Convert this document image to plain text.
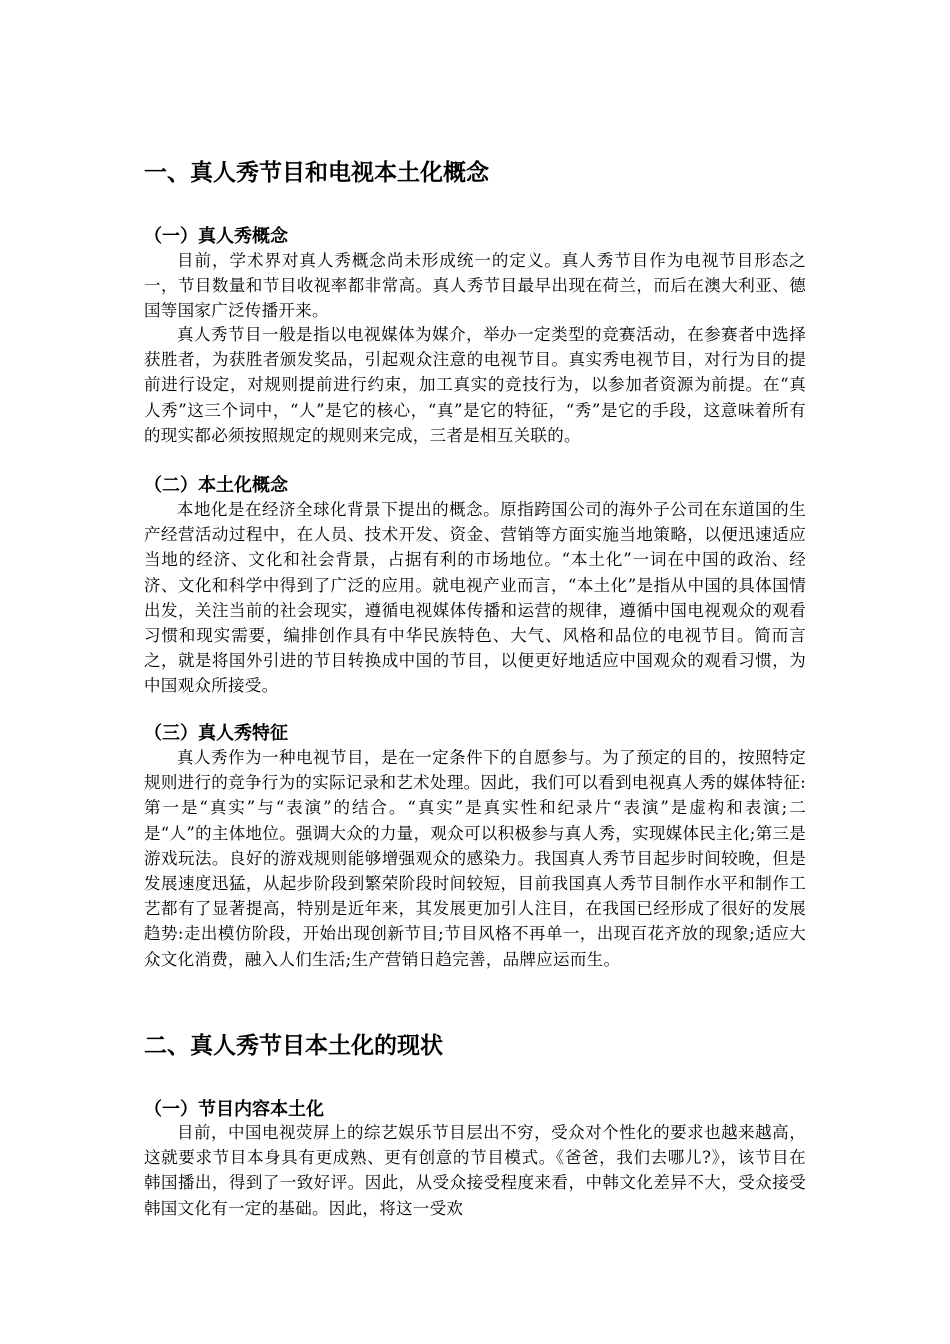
一、真人秀节目和电视本土化概念
（一）真人秀概念

目前，学术界对真人秀概念尚未形成统一的定义。真人秀节目作为电视节目形态之一，节目数量和节目收视率都非常高。真人秀节目最早出现在荷兰，而后在澳大利亚、德国等国家广泛传播开来。

真人秀节目一般是指以电视媒体为媒介，举办一定类型的竞赛活动，在参赛者中选择获胜者，为获胜者颁发奖品，引起观众注意的电视节目。真实秀电视节目，对行为目的提前进行设定，对规则提前进行约束，加工真实的竞技行为，以参加者资源为前提。在“真人秀”这三个词中，“人”是它的核心，“真”是它的特征，“秀”是它的手段，这意味着所有的现实都必须按照规定的规则来完成，三者是相互关联的。

（二）本土化概念

本地化是在经济全球化背景下提出的概念。原指跨国公司的海外子公司在东道国的生产经营活动过程中，在人员、技术开发、资金、营销等方面实施当地策略，以便迅速适应当地的经济、文化和社会背景，占据有利的市场地位。“本土化”一词在中国的政治、经济、文化和科学中得到了广泛的应用。就电视产业而言，“本土化”是指从中国的具体国情出发，关注当前的社会现实，遵循电视媒体传播和运营的规律，遵循中国电视观众的观看习惯和现实需要，编排创作具有中华民族特色、大气、风格和品位的电视节目。简而言之，就是将国外引进的节目转换成中国的节目，以便更好地适应中国观众的观看习惯，为中国观众所接受。

（三）真人秀特征

真人秀作为一种电视节目，是在一定条件下的自愿参与。为了预定的目的，按照特定规则进行的竞争行为的实际记录和艺术处理。因此，我们可以看到电视真人秀的媒体特征:第一是“真实”与“表演”的结合。“真实”是真实性和纪录片“表演”是虚构和表演;二是“人”的主体地位。强调大众的力量，观众可以积极参与真人秀，实现媒体民主化;第三是游戏玩法。良好的游戏规则能够增强观众的感染力。我国真人秀节目起步时间较晚，但是发展速度迅猛，从起步阶段到繁荣阶段时间较短，目前我国真人秀节目制作水平和制作工艺都有了显著提高，特别是近年来，其发展更加引人注目，在我国已经形成了很好的发展趋势:走出模仿阶段，开始出现创新节目;节目风格不再单一，出现百花齐放的现象;适应大众文化消费，融入人们生活;生产营销日趋完善，品牌应运而生。

二、真人秀节目本土化的现状
（一）节目内容本土化

目前，中国电视荧屏上的综艺娱乐节目层出不穷，受众对个性化的要求也越来越高，这就要求节目本身具有更成熟、更有创意的节目模式。《爸爸，我们去哪儿?》，该节目在韩国播出，得到了一致好评。因此，从受众接受程度来看，中韩文化差异不大，受众接受韩国文化有一定的基础。因此，将这一受欢
